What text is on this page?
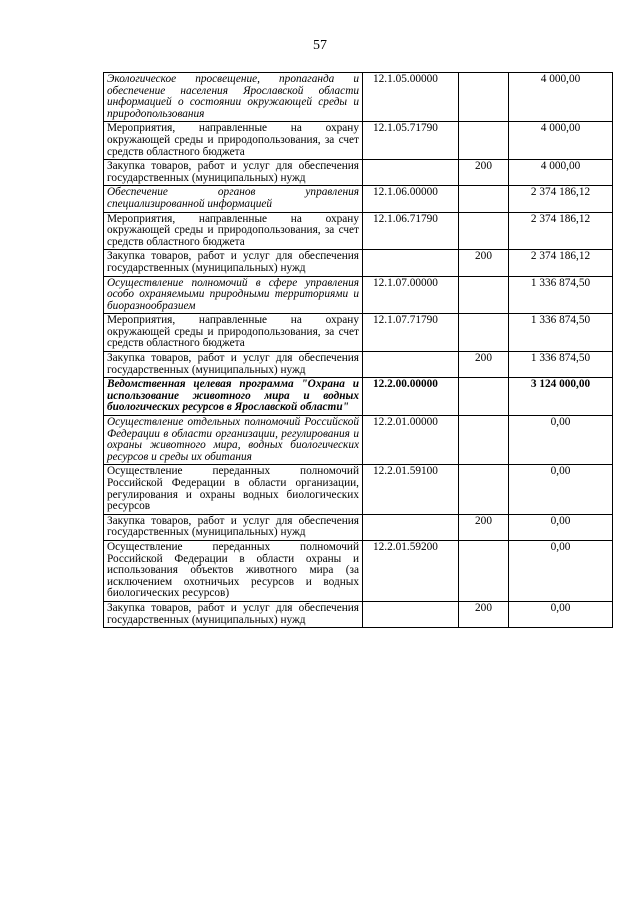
57
Экологическое просвещение, пропаганда и обеспечение населения Ярославской области информацией о состоянии окружающей среды и природопользования	12.1.05.00000		4 000,00
Мероприятия, направленные на охрану окружающей среды и природопользования, за счет средств областного бюджета	12.1.05.71790		4 000,00
Закупка товаров, работ и услуг для обеспечения государственных (муниципальных) нужд		200	4 000,00
Обеспечение органов управления специализированной информацией	12.1.06.00000		2 374 186,12
Мероприятия, направленные на охрану окружающей среды и природопользования, за счет средств областного бюджета	12.1.06.71790		2 374 186,12
Закупка товаров, работ и услуг для обеспечения государственных (муниципальных) нужд		200	2 374 186,12
Осуществление полномочий в сфере управления особо охраняемыми природными территориями и биоразнообразием	12.1.07.00000		1 336 874,50
Мероприятия, направленные на охрану окружающей среды и природопользования, за счет средств областного бюджета	12.1.07.71790		1 336 874,50
Закупка товаров, работ и услуг для обеспечения государственных (муниципальных) нужд		200	1 336 874,50
Ведомственная целевая программа "Охрана и использование животного мира и водных биологических ресурсов в Ярославской области"	12.2.00.00000		3 124 000,00
Осуществление отдельных полномочий Российской Федерации в области организации, регулирования и охраны животного мира, водных биологических ресурсов и среды их обитания	12.2.01.00000		0,00
Осуществление переданных полномочий Российской Федерации в области организации, регулирования и охраны водных биологических ресурсов	12.2.01.59100		0,00
Закупка товаров, работ и услуг для обеспечения государственных (муниципальных) нужд		200	0,00
Осуществление переданных полномочий Российской Федерации в области охраны и использования объектов животного мира (за исключением охотничьих ресурсов и водных биологических ресурсов)	12.2.01.59200		0,00
Закупка товаров, работ и услуг для обеспечения государственных (муниципальных) нужд		200	0,00
